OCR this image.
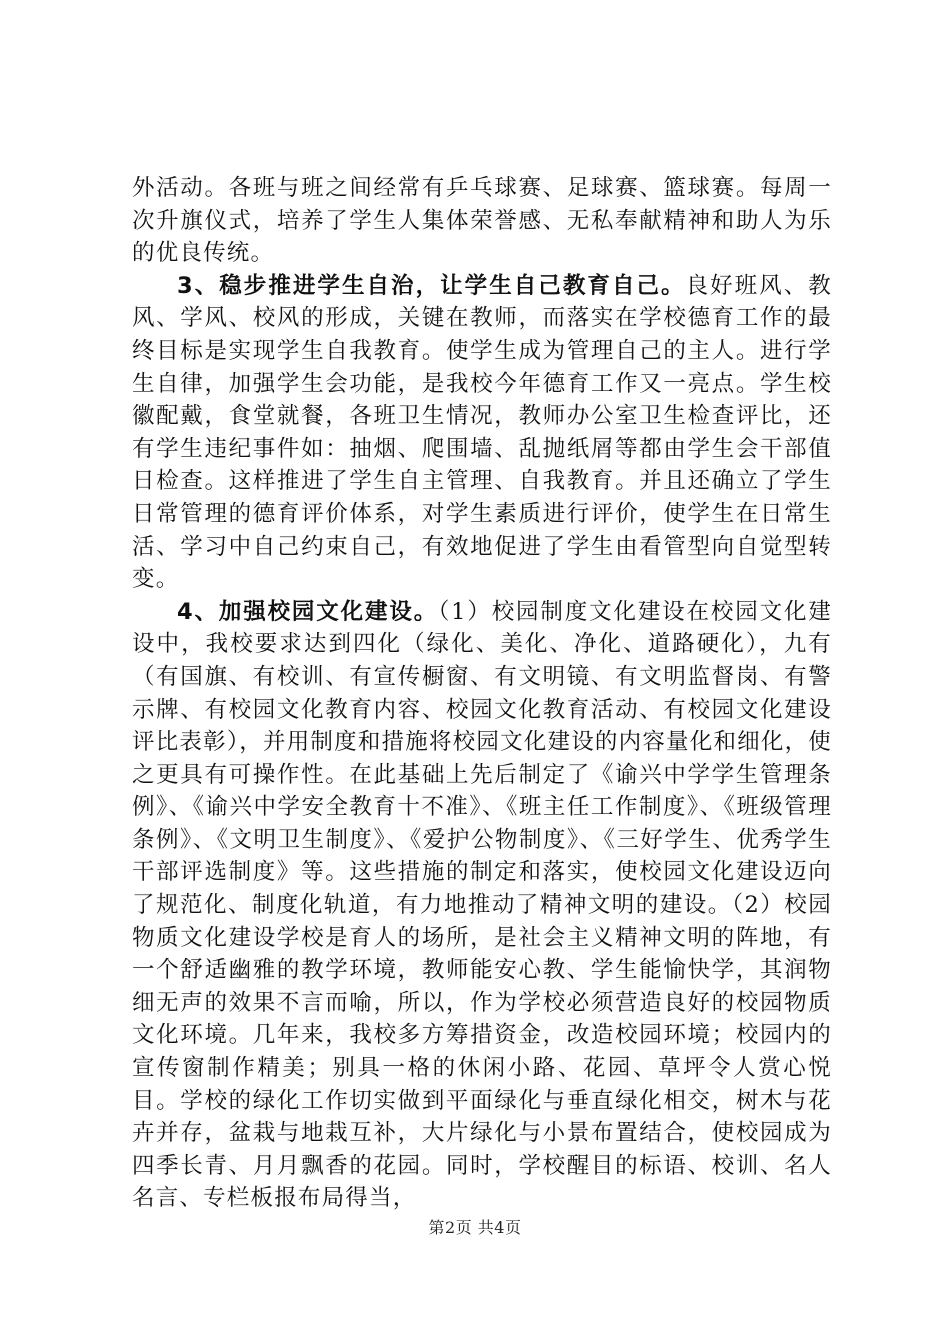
外活动。各班与班之间经常有乒乓球赛、足球赛、篮球赛。每周一次升旗仪式，培养了学生人集体荣誉感、无私奉献精神和助人为乐的优良传统。

3、稳步推进学生自治，让学生自己教育自己。良好班风、教风、学风、校风的形成，关键在教师，而落实在学校德育工作的最终目标是实现学生自我教育。使学生成为管理自己的主人。进行学生自律，加强学生会功能，是我校今年德育工作又一亮点。学生校徽配戴，食堂就餐，各班卫生情况，教师办公室卫生检查评比，还有学生违纪事件如：抽烟、爬围墙、乱抛纸屑等都由学生会干部值日检查。这样推进了学生自主管理、自我教育。并且还确立了学生日常管理的德育评价体系，对学生素质进行评价，使学生在日常生活、学习中自己约束自己，有效地促进了学生由看管型向自觉型转变。

4、加强校园文化建设。（1）校园制度文化建设在校园文化建设中，我校要求达到四化（绿化、美化、净化、道路硬化），九有（有国旗、有校训、有宣传橱窗、有文明镜、有文明监督岗、有警示牌、有校园文化教育内容、校园文化教育活动、有校园文化建设评比表彰），并用制度和措施将校园文化建设的内容量化和细化，使之更具有可操作性。在此基础上先后制定了《谕兴中学学生管理条例》、《谕兴中学安全教育十不准》、《班主任工作制度》、《班级管理条例》、《文明卫生制度》、《爱护公物制度》、《三好学生、优秀学生干部评选制度》等。这些措施的制定和落实，使校园文化建设迈向了规范化、制度化轨道，有力地推动了精神文明的建设。（2）校园物质文化建设学校是育人的场所，是社会主义精神文明的阵地，有一个舒适幽雅的教学环境，教师能安心教、学生能愉快学，其润物细无声的效果不言而喻，所以，作为学校必须营造良好的校园物质文化环境。几年来，我校多方筹措资金，改造校园环境；校园内的宣传窗制作精美；别具一格的休闲小路、花园、草坪令人赏心悦目。学校的绿化工作切实做到平面绿化与垂直绿化相交，树木与花卉并存，盆栽与地栽互补，大片绿化与小景布置结合，使校园成为四季长青、月月飘香的花园。同时，学校醒目的标语、校训、名人名言、专栏板报布局得当，

第2页 共4页
